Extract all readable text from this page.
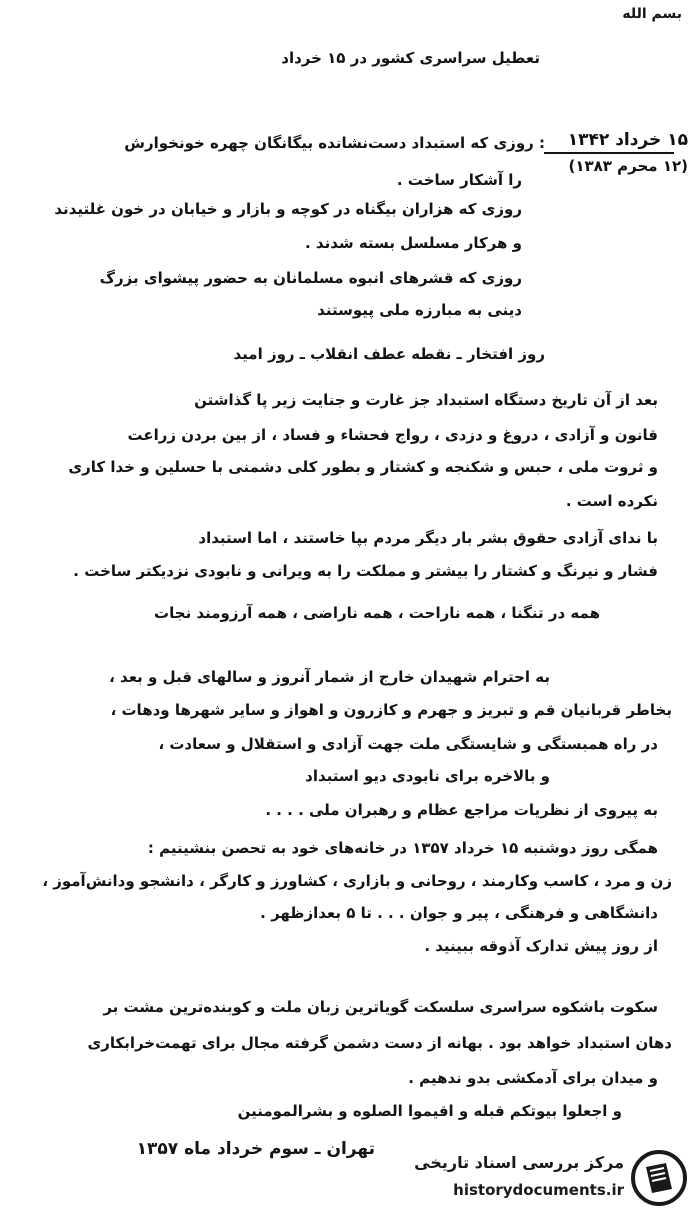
بسم الله
تعطیل سراسری کشور در ۱۵ خرداد
۱۵ خرداد ۱۳۴۲
(۱۲ محرم ۱۳۸۳)
: روزی که استبداد دست‌نشانده بیگانگان چهره خونخوارش
را آشکار ساخت .
روزی که هزاران بیگناه در کوچه و بازار و خیابان در خون غلتیدند
و هرکار مسلسل بسته شدند .
روزی که قشرهای انبوه مسلمانان به حضور پیشوای بزرگ
دینی به مبارزه ملی پیوستند
روز افتخار ـ نقطه عطف انقلاب ـ روز امید
بعد از آن تاریخ دستگاه استبداد جز غارت و جنایت زیر پا گذاشتن
قانون و آزادی ، دروغ و دزدی ، رواج فحشاء و فساد ، از بین بردن زراعت
و ثروت ملی ، حبس و شکنجه و کشتار و بطور کلی دشمنی با حسلین و خدا کاری
نکرده است .
با ندای آزادی حقوق بشر بار دیگر مردم بپا خاستند ، اما استبداد
فشار و نیرنگ و کشتار را بیشتر و مملکت را به ویرانی و نابودی نزدیکتر ساخت .
همه در تنگنا ، همه ناراحت ، همه ناراضی ، همه آرزومند نجات
به احترام شهیدان خارج از شمار آنروز و سالهای قبل و بعد ،
بخاطر قربانیان قم و تبریز و جهرم و کازرون و اهواز و سایر شهرها ودهات ،
در راه همبستگی و شایستگی ملت جهت آزادی و استقلال و سعادت ،
و بالاخره برای نابودی دیو استبداد
به پیروی از نظریات مراجع عظام و رهبران ملی . . . .
همگی روز دوشنبه ۱۵ خرداد ۱۳۵۷ در خانه‌های خود به تحصن بنشینیم :
زن و مرد ، کاسب وکارمند ، روحانی و بازاری ، کشاورز و کارگر ، دانشجو ودانش‌آموز ،
دانشگاهی و فرهنگی ، پیر و جوان . . . تا ۵ بعدازظهر .
از روز پیش تدارک آذوقه ببینید .
سکوت باشکوه سراسری سلسکت گویاترین زبان ملت و کوبنده‌ترین مشت بر
دهان استبداد خواهد بود . بهانه از دست دشمن گرفته مجال برای تهمت‌خرابکاری
و میدان برای آدمکشی بدو ندهیم .
و اجعلوا بیوتکم قبله و اقیموا الصلوه و بشرالمومنین
تهران ـ سوم خرداد ماه ۱۳۵۷
مرکز بررسی اسناد تاریخی
historydocuments.ir
